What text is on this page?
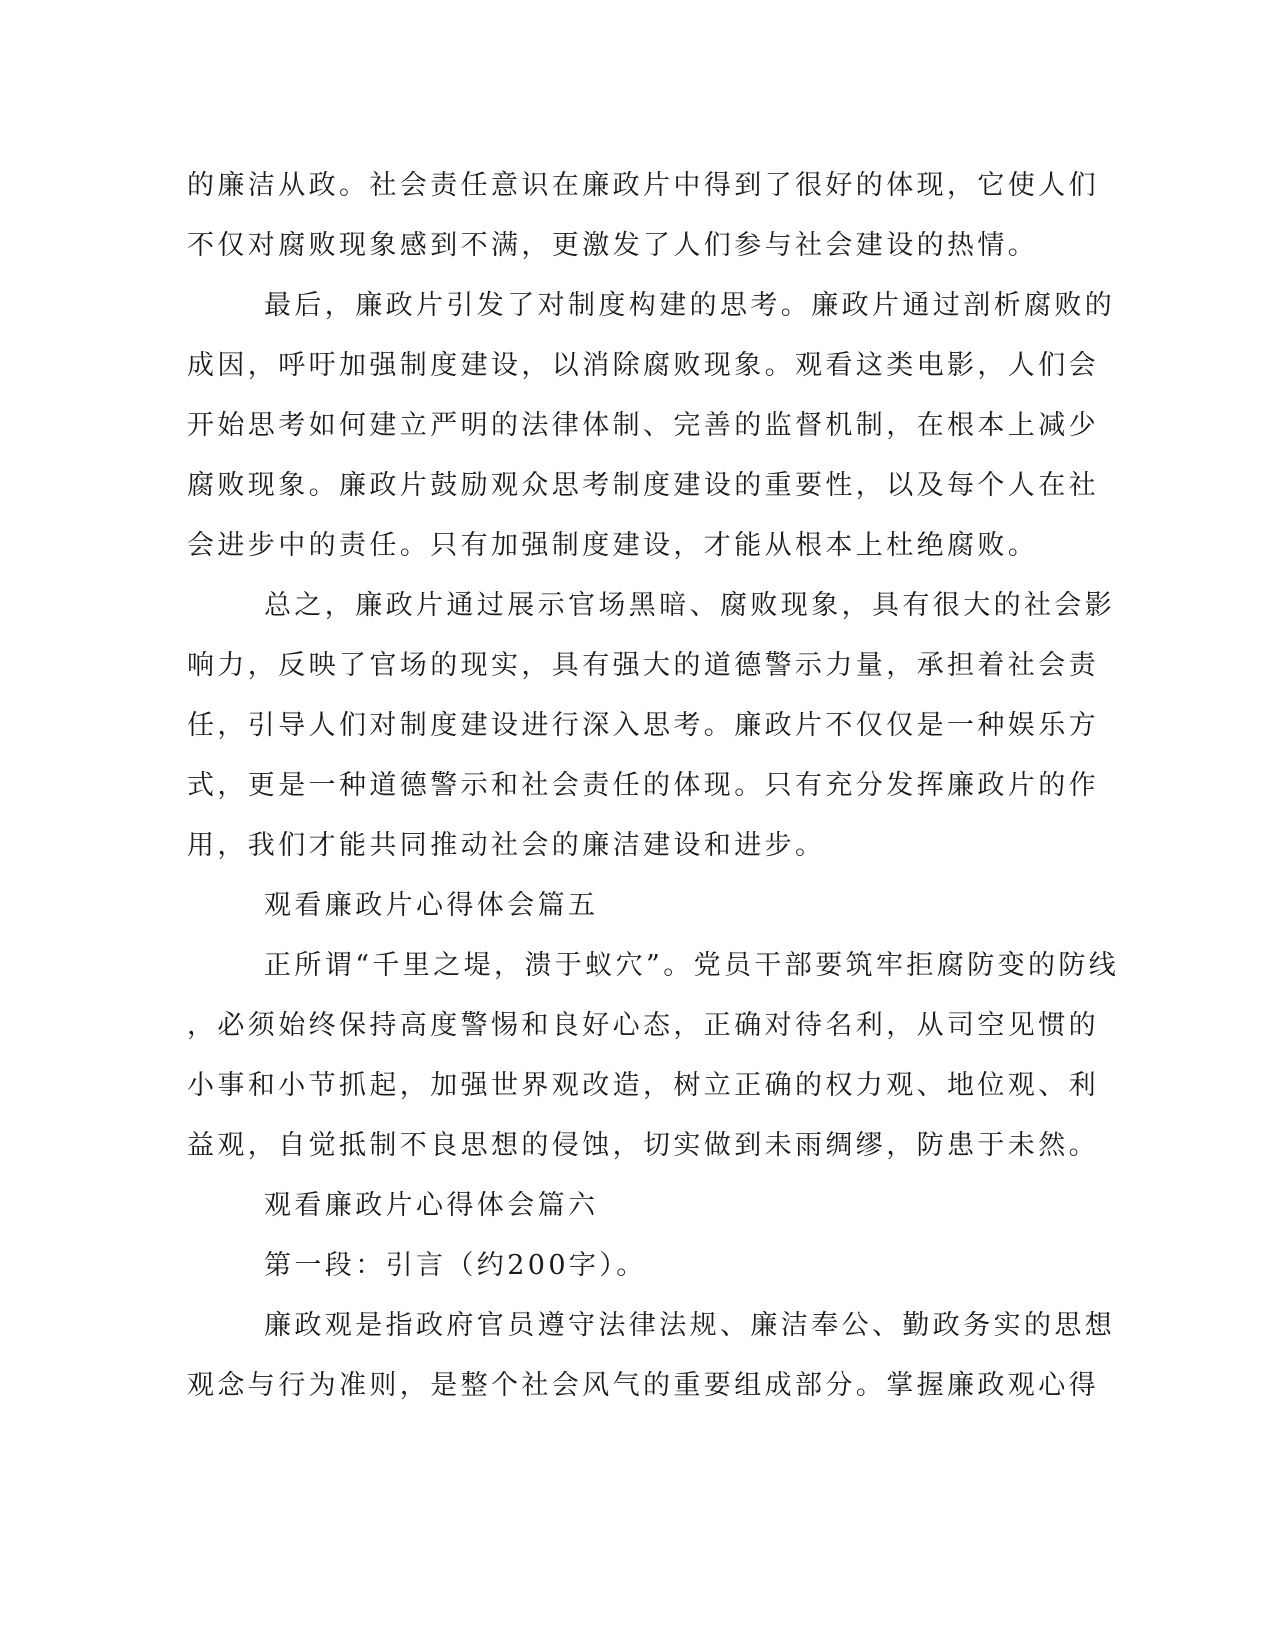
的廉洁从政。社会责任意识在廉政片中得到了很好的体现，它使人们
不仅对腐败现象感到不满，更激发了人们参与社会建设的热情。
最后，廉政片引发了对制度构建的思考。廉政片通过剖析腐败的
成因，呼吁加强制度建设，以消除腐败现象。观看这类电影，人们会
开始思考如何建立严明的法律体制、完善的监督机制，在根本上减少
腐败现象。廉政片鼓励观众思考制度建设的重要性，以及每个人在社
会进步中的责任。只有加强制度建设，才能从根本上杜绝腐败。
总之，廉政片通过展示官场黑暗、腐败现象，具有很大的社会影
响力，反映了官场的现实，具有强大的道德警示力量，承担着社会责
任，引导人们对制度建设进行深入思考。廉政片不仅仅是一种娱乐方
式，更是一种道德警示和社会责任的体现。只有充分发挥廉政片的作
用，我们才能共同推动社会的廉洁建设和进步。
观看廉政片心得体会篇五
正所谓“千里之堤，溃于蚁穴”。党员干部要筑牢拒腐防变的防线
，必须始终保持高度警惕和良好心态，正确对待名利，从司空见惯的
小事和小节抓起，加强世界观改造，树立正确的权力观、地位观、利
益观，自觉抵制不良思想的侵蚀，切实做到未雨绸缪，防患于未然。
观看廉政片心得体会篇六
第一段：引言（约200字）。
廉政观是指政府官员遵守法律法规、廉洁奉公、勤政务实的思想
观念与行为准则，是整个社会风气的重要组成部分。掌握廉政观心得
